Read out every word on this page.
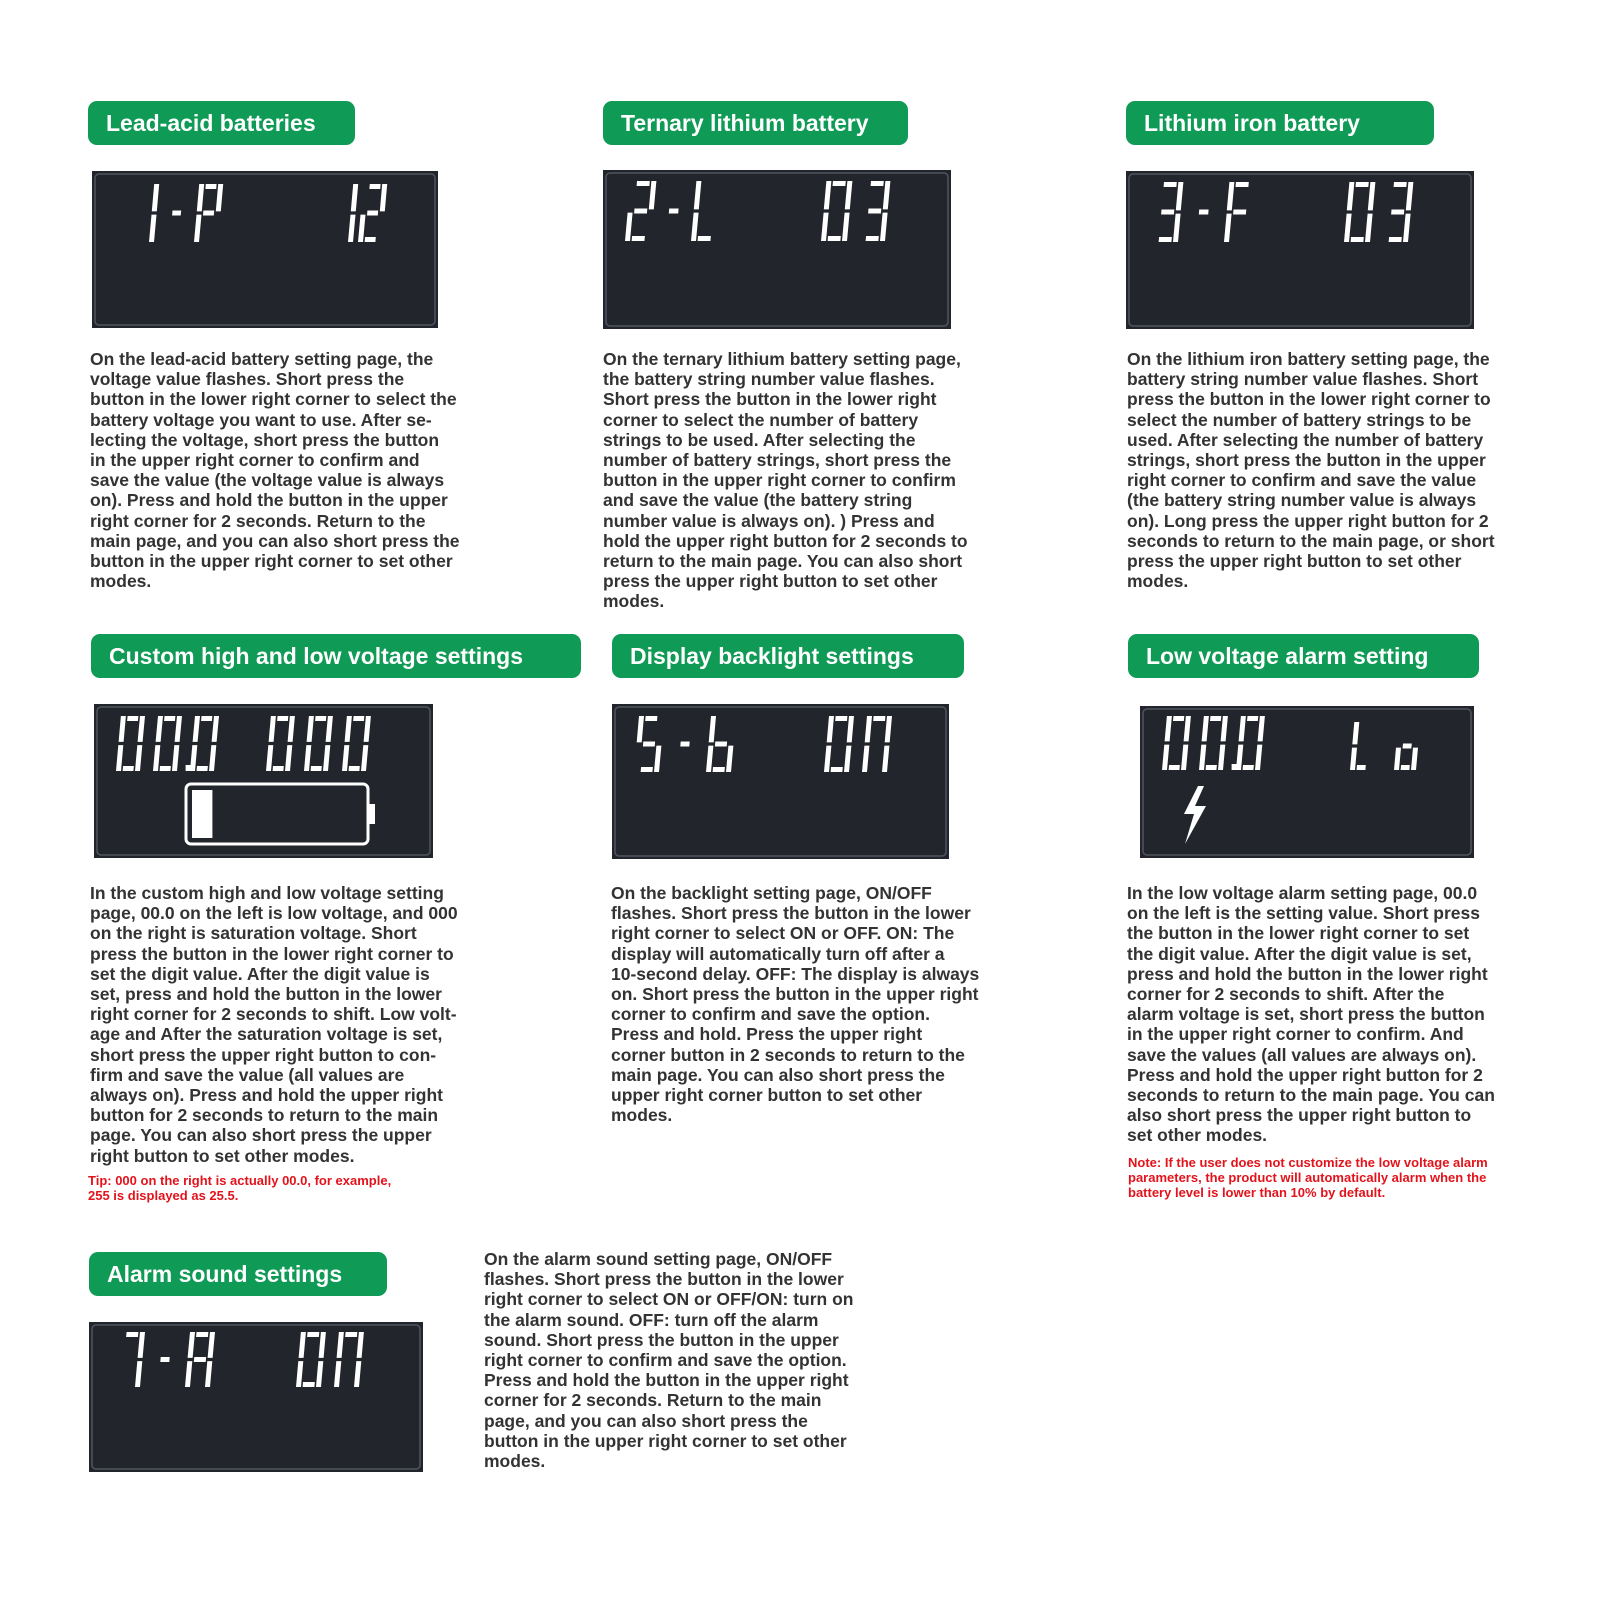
Lead-acid batteries
On the lead-acid battery setting page, the
voltage value flashes. Short press the
button in the lower right corner to select the
battery voltage you want to use. After se-
lecting the voltage, short press the button
in the upper right corner to confirm and
save the value (the voltage value is always
on). Press and hold the button in the upper
right corner for 2 seconds. Return to the
main page, and you can also short press the
button in the upper right corner to set other
modes.
Ternary lithium battery
On the ternary lithium battery setting page,
the battery string number value flashes.
Short press the button in the lower right
corner to select the number of battery
strings to be used. After selecting the
number of battery strings, short press the
button in the upper right corner to confirm
and save the value (the battery string
number value is always on). ) Press and
hold the upper right button for 2 seconds to
return to the main page. You can also short
press the upper right button to set other
modes.
Lithium iron battery
On the lithium iron battery setting page, the
battery string number value flashes. Short
press the button in the lower right corner to
select the number of battery strings to be
used. After selecting the number of battery
strings, short press the button in the upper
right corner to confirm and save the value
(the battery string number value is always
on). Long press the upper right button for 2
seconds to return to the main page, or short
press the upper right button to set other
modes.
Custom high and low voltage settings
In the custom high and low voltage setting
page, 00.0 on the left is low voltage, and 000
on the right is saturation voltage. Short
press the button in the lower right corner to
set the digit value. After the digit value is
set, press and hold the button in the lower
right corner for 2 seconds to shift. Low volt-
age and After the saturation voltage is set,
short press the upper right button to con-
firm and save the value (all values are
always on). Press and hold the upper right
button for 2 seconds to return to the main
page. You can also short press the upper
right button to set other modes.
Tip: 000 on the right is actually 00.0, for example,
255 is displayed as 25.5.
Display backlight settings
On the backlight setting page, ON/OFF
flashes. Short press the button in the lower
right corner to select ON or OFF. ON: The
display will automatically turn off after a
10-second delay. OFF: The display is always
on. Short press the button in the upper right
corner to confirm and save the option.
Press and hold. Press the upper right
corner button in 2 seconds to return to the
main page. You can also short press the
upper right corner button to set other
modes.
Low voltage alarm setting
In the low voltage alarm setting page, 00.0
on the left is the setting value. Short press
the button in the lower right corner to set
the digit value. After the digit value is set,
press and hold the button in the lower right
corner for 2 seconds to shift. After the
alarm voltage is set, short press the button
in the upper right corner to confirm. And
save the values (all values are always on).
Press and hold the upper right button for 2
seconds to return to the main page. You can
also short press the upper right button to
set other modes.
Note: If the user does not customize the low voltage alarm
parameters, the product will automatically alarm when the
battery level is lower than 10% by default.
Alarm sound settings
On the alarm sound setting page, ON/OFF
flashes. Short press the button in the lower
right corner to select ON or OFF/ON: turn on
the alarm sound. OFF: turn off the alarm
sound. Short press the button in the upper
right corner to confirm and save the option.
Press and hold the button in the upper right
corner for 2 seconds. Return to the main
page, and you can also short press the
button in the upper right corner to set other
modes.
